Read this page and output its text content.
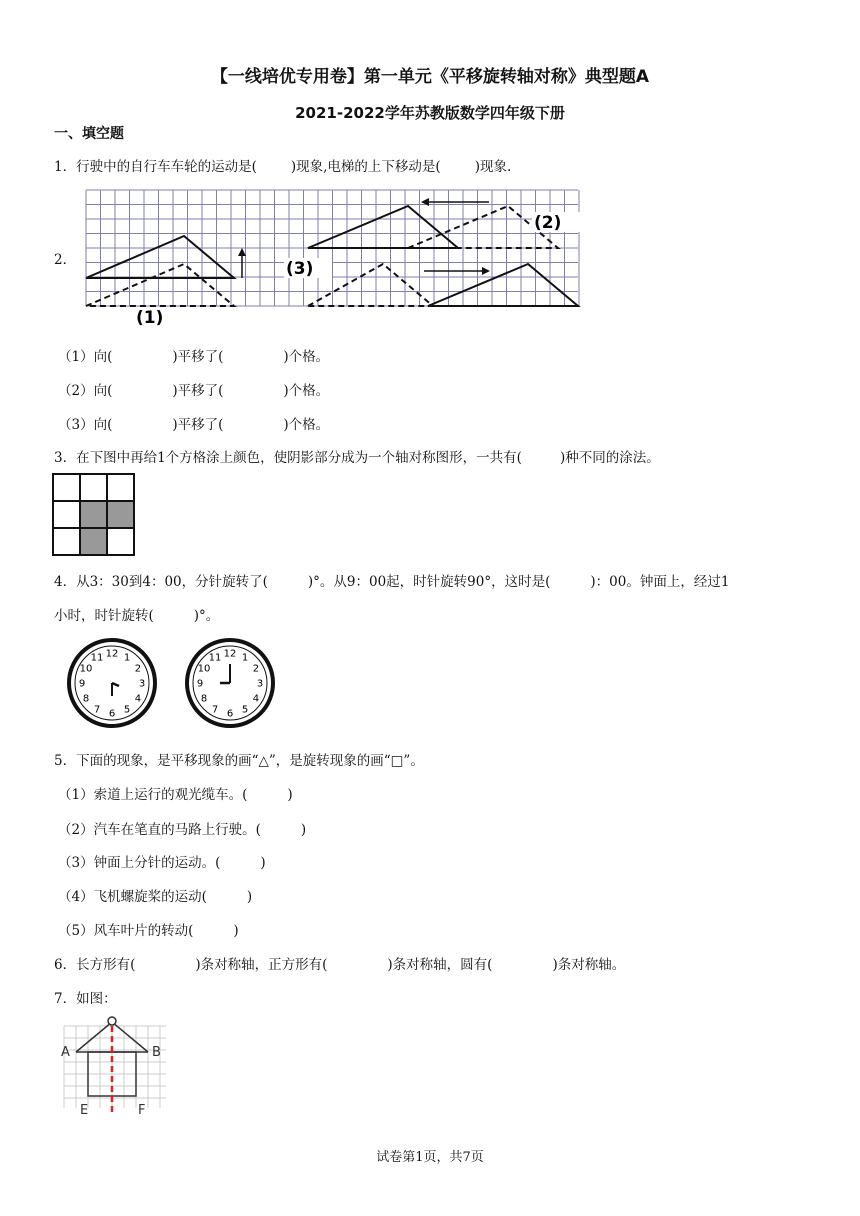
【一线培优专用卷】第一单元《平移旋转轴对称》典型题A
2021-2022学年苏教版数学四年级下册
一、填空题
1．行驶中的自行车车轮的运动是(	)现象,电梯的上下移动是(	)现象.
2．
(1)
(2)
(3)
（1）向(	)平移了(	)个格。
（2）向(	)平移了(	)个格。
（3）向(	)平移了(	)个格。
3．在下图中再给1个方格涂上颜色，使阴影部分成为一个轴对称图形，一共有(	)种不同的涂法。
4．从3：30到4：00，分针旋转了(	)°。从9：00起，时针旋转90°，这时是(	)：00。钟面上，经过1
小时，时针旋转(	)°。
12 1
2
3
4
5
6
7
8
9
10
11	12 1
2
3
4
5
6
7
8
9
10
11
5．下面的现象，是平移现象的画“△”，是旋转现象的画“□”。
（1）索道上运行的观光缆车。(	)
（2）汽车在笔直的马路上行驶。(	)
（3）钟面上分针的运动。(	)
（4）飞机螺旋桨的运动(	)
（5）风车叶片的转动(	)
6．长方形有(	)条对称轴，正方形有(	)条对称轴，圆有(	)条对称轴。
7．如图：
A	B
E	F
试卷第1页，共7页
